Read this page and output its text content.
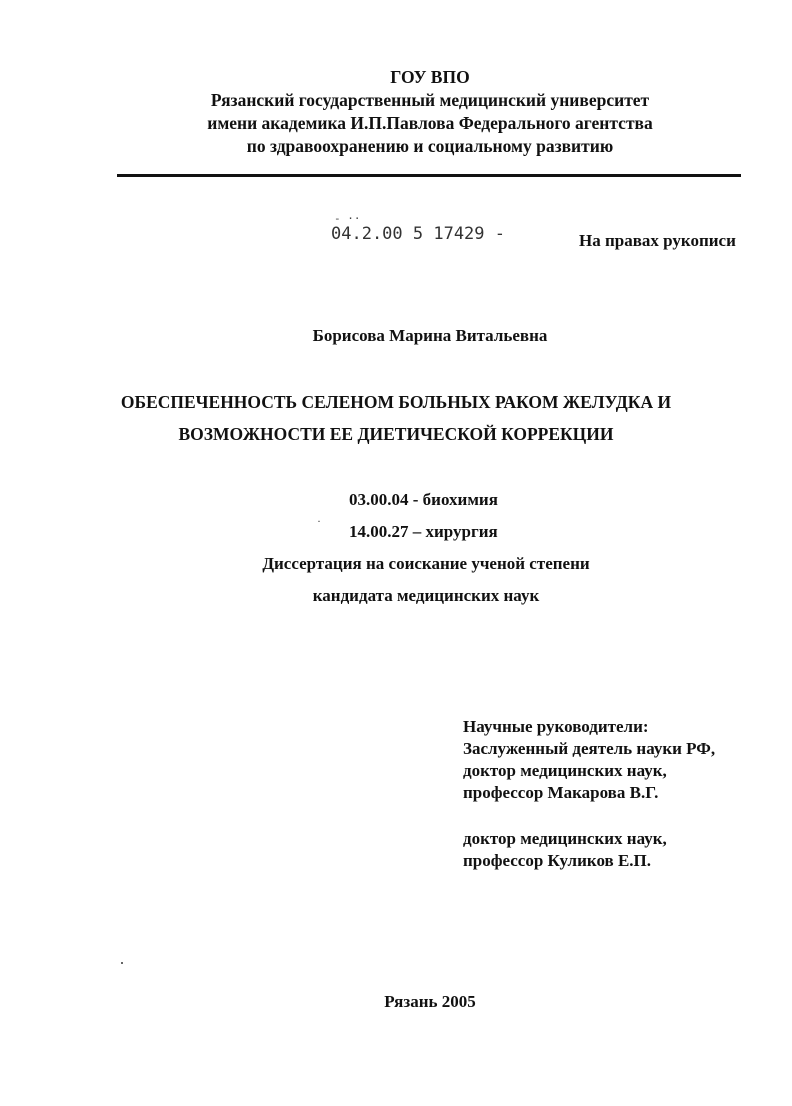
ГОУ ВПО
Рязанский государственный медицинский университет
имени академика И.П.Павлова Федерального агентства
по здравоохранению и социальному развитию
- ··
04.2.00 5 17429 -	На правах рукописи
Борисова Марина Витальевна
ОБЕСПЕЧЕННОСТЬ СЕЛЕНОМ БОЛЬНЫХ РАКОМ ЖЕЛУДКА И
ВОЗМОЖНОСТИ ЕЕ ДИЕТИЧЕСКОЙ КОРРЕКЦИИ
03.00.04 - биохимия
14.00.27 – хирургия
·
Диссертация на соискание ученой степени
кандидата медицинских наук
Научные руководители:
Заслуженный деятель науки РФ,
доктор медицинских наук,
профессор Макарова В.Г.
доктор медицинских наук,
профессор Куликов Е.П.
Рязань 2005
